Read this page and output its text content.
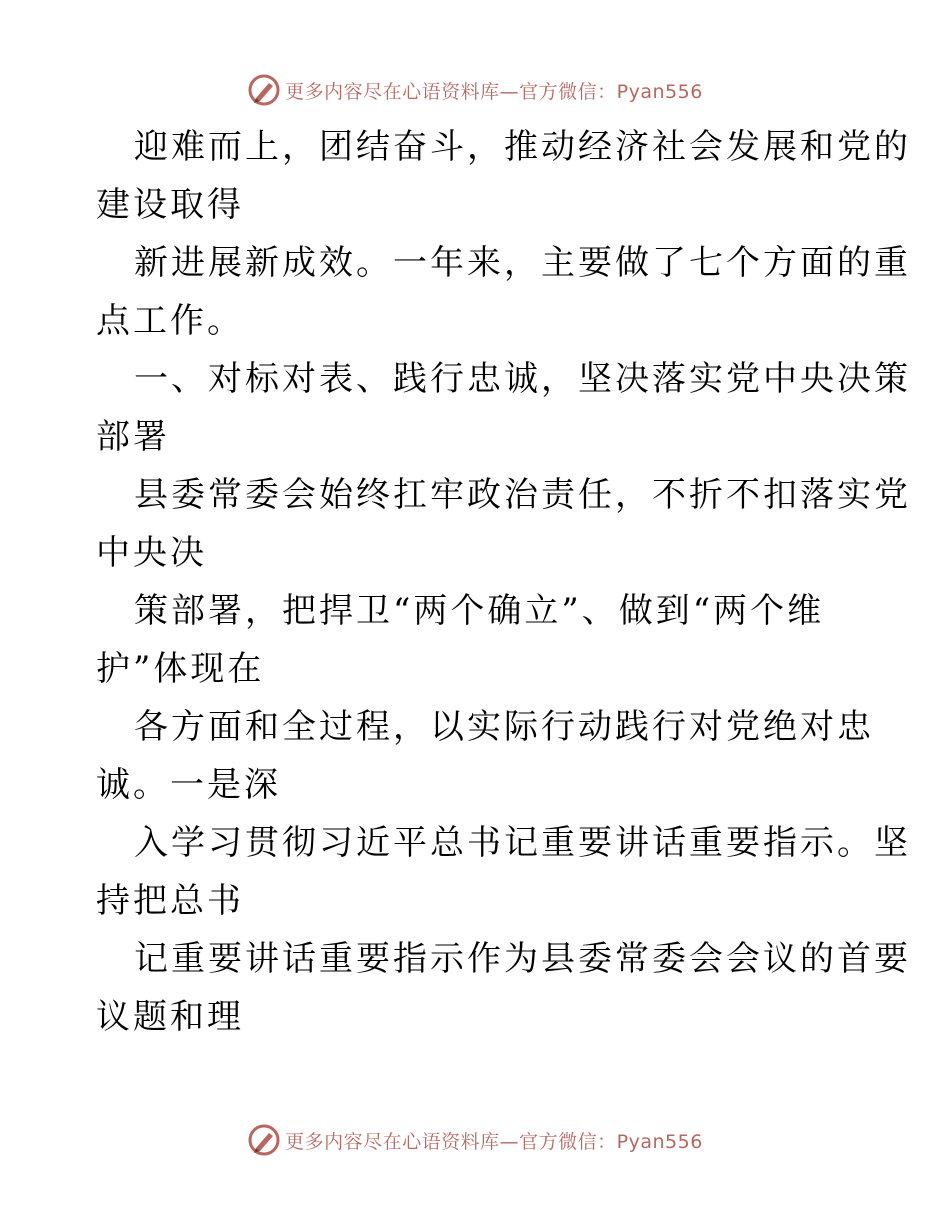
更多内容尽在心语资料库—官方微信：Pyan556
迎难而上，团结奋斗，推动经济社会发展和党的
建设取得
新进展新成效。一年来，主要做了七个方面的重
点工作。
一、对标对表、践行忠诚，坚决落实党中央决策
部署
县委常委会始终扛牢政治责任，不折不扣落实党
中央决
策部署，把捍卫“两个确立”、做到“两个维
护”体现在
各方面和全过程，以实际行动践行对党绝对忠
诚。一是深
入学习贯彻习近平总书记重要讲话重要指示。坚
持把总书
记重要讲话重要指示作为县委常委会会议的首要
议题和理
更多内容尽在心语资料库—官方微信：Pyan556
